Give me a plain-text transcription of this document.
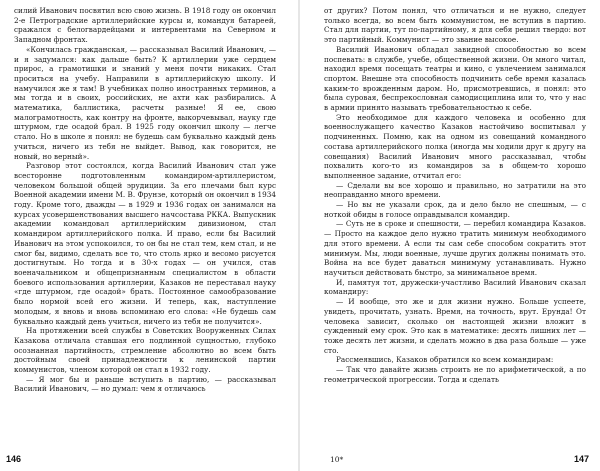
силий Иванович посвятил всю свою жизнь. В 1918 году он окончил 2-е Петроградские артиллерийские курсы и, командуя батареей, сражался с белогвардейцами и интервентами на Северном и Западном фронтах.

«Кончилась гражданская, — рассказывал Василий Иванович, — и я задумался: как дальше быть? К артиллерии уже сердцем прирос, а грамотишки и знаний у меня почти никаких. Стал проситься на учебу. Направили в артиллерийскую школу. И намучился же я там! В учебниках полно иностранных терминов, а мы тогда и в своих, российских, не ахти как разбирались. А математика, баллистика, расчеты разные! Я ее, свою малограмотность, как контру на фронте, выкорчевывал, науку где штурмом, где осадой брал. В 1925 году окончил школу — легче стало. Но в школе я понял: не будешь сам буквально каждый день учиться, ничего из тебя не выйдет. Вывод, как говорится, не новый, но верный».

Разговор этот состоялся, когда Василий Иванович стал уже всесторонне подготовленным командиром-артиллеристом, человеком большой общей эрудиции. За его плечами был курс Военной академии имени М. В. Фрунзе, который он окончил в 1934 году. Кроме того, дважды — в 1929 и 1936 годах он занимался на курсах усовершенствования высшего начсостава РККА. Выпускник академии командовал артиллерийским дивизионом, стал командиром артиллерийского полка. И право, если бы Василий Иванович на этом успокоился, то он бы не стал тем, кем стал, и не смог бы, видимо, сделать все то, что столь ярко и весомо рисуется достигнутым. Но тогда и в 30-х годах — он учился, став военачальником и общепризнанным специалистом в области боевого использования артиллерии, Казаков не переставал науку «где штурмом, где осадой» брать. Постоянное самообразование было нормой всей его жизни. И теперь, как, наступление молодым, я вновь и вновь вспоминаю его слова: «Не будешь сам буквально каждый день учиться, ничего из тебя не получится».

На протяжении всей службы в Советских Вооруженных Силах Казакова отличала ставшая его подлинной сущностью, глубоко осознанная партийность, стремление абсолютно во всем быть достойным своей принадлежности к ленинской партии коммунистов, членом которой он стал в 1932 году.

— Я мог бы и раньше вступить в партию, — рассказывал Василий Иванович, — но думал: чем я отличаюсь

от других? Потом понял, что отличаться и не нужно, следует только всегда, во всем быть коммунистом, не вступив в партию. Стал для партии, тут по-партийному, я для себя решил твердо: вот это партийный. Коммунист — это звание высокое.

Василий Иванович обладал завидной способностью во всем поспевать: в службе, учебе, общественной жизни. Он много читал, находил время посещать театры и кино, с увлечением занимался спортом. Внешне эта способность подчинить себе время казалась каким-то врожденным даром. Но, присмотревшись, я понял: это была суровая, беспрекословная самодисциплина или то, что у нас в армии принято называть требовательностью к себе.

Это необходимое для каждого человека и особенно для военнослужащего качество Казаков настойчиво воспитывал у подчиненных. Помню, как на одном из совещаний командного состава артиллерийского полка (иногда мы ходили друг к другу на совещания) Василий Иванович много рассказывал, чтобы похвалить кого-то из командиров за в общем-то хорошо выполненное задание, отчитал его:

— Сделали вы все хорошо и правильно, но затратили на это неоправданно много времени.

— Но вы не указали срок, да и дело было не спешным, — с ноткой обиды в голосе оправдывался командир.

— Суть не в сроке и спешности, — перебил командира Казаков. — Просто на каждое дело нужно тратить минимум необходимого для этого времени. А если ты сам себе способом сократить этот минимум. Мы, люди военные, лучше других должны понимать это. Война на все будет даваться минимуму устанавливать. Нужно научиться действовать быстро, за минимальное время.

И, памятуя тот, дружески-участливо Василий Иванович сказал командиру:

— И вообще, это же и для жизни нужно. Больше успеете, увидеть, прочитать, узнать. Время, на точность, врут. Ерунда! От человека зависит, сколько он настоящей жизни вложит в сужденный ему срок. Это как в математике: десять лишних лет — тоже десять лет жизни, и сделать можно в два раза больше — уже сто.

Рассмеявшись, Казаков обратился ко всем командирам:

— Так что давайте жизнь строить не по арифметической, а по геометрической прогрессии. Тогда и сделать

146	10*	147
